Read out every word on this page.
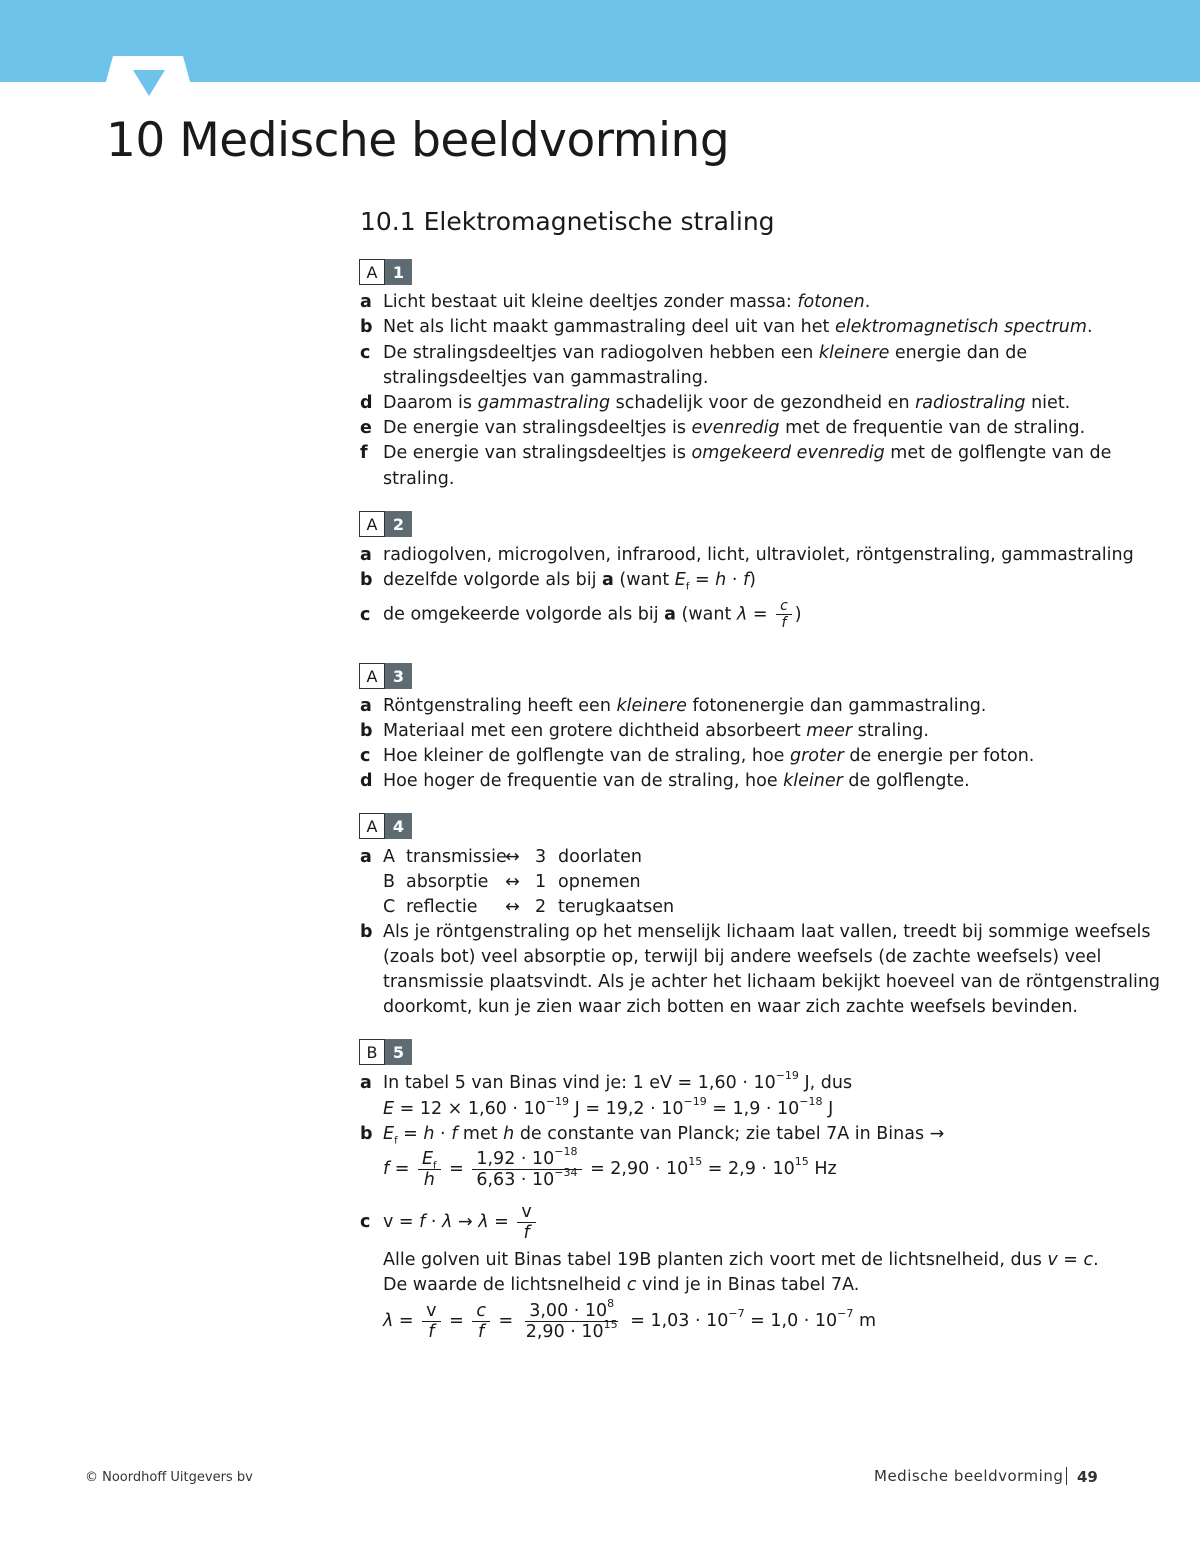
10 Medische beeldvorming
10.1 Elektromagnetische straling
A 1
a Licht bestaat uit kleine deeltjes zonder massa: fotonen.
b Net als licht maakt gammastraling deel uit van het elektromagnetisch spectrum.
c De stralingsdeeltjes van radiogolven hebben een kleinere energie dan de
stralingsdeeltjes van gammastraling.
d Daarom is gammastraling schadelijk voor de gezondheid en radiostraling niet.
e De energie van stralingsdeeltjes is evenredig met de frequentie van de straling.
f De energie van stralingsdeeltjes is omgekeerd evenredig met de golflengte van de
straling.
A 2
a radiogolven, microgolven, infrarood, licht, ultraviolet, röntgenstraling, gammastraling
b dezelfde volgorde als bij a (want $E_f = h \cdot f$)
c de omgekeerde volgorde als bij a (want $\lambda = \frac{c}{f}$ )
A 3
a Röntgenstraling heeft een kleinere fotonenergie dan gammastraling.
b Materiaal met een grotere dichtheid absorbeert meer straling.
c Hoe kleiner de golflengte van de straling, hoe groter de energie per foton.
d Hoe hoger de frequentie van de straling, hoe kleiner de golflengte.
A 4
a A transmissie
↔ 3 doorlaten
B absorptie ↔ 1 opnemen
C reflectie ↔ 2 terugkaatsen
b Als je röntgenstraling op het menselijk lichaam laat vallen, treedt bij sommige weefsels
(zoals bot) veel absorptie op, terwijl bij andere weefsels (de zachte weefsels) veel
transmissie plaatsvindt. Als je achter het lichaam bekijkt hoeveel van de röntgenstraling
doorkomt, kun je zien waar zich botten en waar zich zachte weefsels bevinden.
B 5
a In tabel 5 van Binas vind je: 1 eV = $1,60 \cdot 10^{-19}$ J, dus
$E = 12 \times 1,60 \cdot 10^{-19}$ $J = 19,2 \cdot 10^{-19} = 1,9 \cdot 10^{-18}$ J
b $E_f = h \cdot f$ met h de constante van Planck; zie tabel 7A in Binas →
$f = \frac{E_f}{h} = \frac{1,92 \cdot 10^{-18}}{6,63 \cdot 10^{-34}} = 2,90 \cdot 10^{15} = 2,9 \cdot 10^{15}$ Hz
c $v = f \cdot \lambda \to \lambda = \frac{v}{f}$
Alle golven uit Binas tabel 19B planten zich voort met de lichtsnelheid, dus v = c.
De waarde de lichtsnelheid c vind je in Binas tabel 7A.
$\lambda = \frac{v}{f} = \frac{c}{f} = \frac{3,00 \cdot 10^8}{2,90 \cdot 10^{15}} = 1,03 \cdot 10^{-7} = 1,0 \cdot 10^{-7}$ m
© Noordhoff Uitgevers bv	Medische beeldvorming 49
